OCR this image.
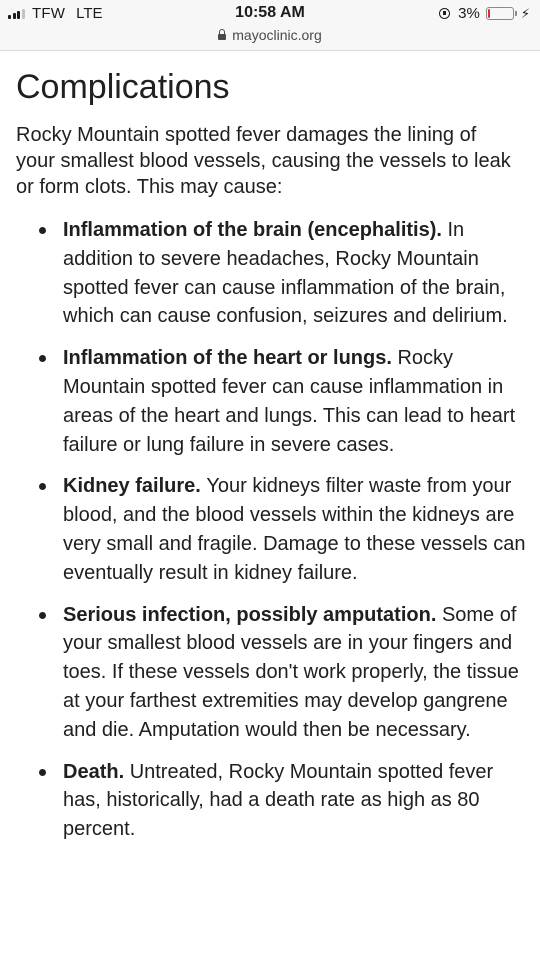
TFW LTE	10:58 AM
mayoclinic.org
3%	⚡︎
Complications

Rocky Mountain spotted fever damages the lining of your smallest blood vessels, causing the vessels to leak or form clots. This may cause:

Inflammation of the brain (encephalitis). In addition to severe headaches, Rocky Mountain spotted fever can cause inflammation of the brain, which can cause confusion, seizures and delirium.
Inflammation of the heart or lungs. Rocky Mountain spotted fever can cause inflammation in areas of the heart and lungs. This can lead to heart failure or lung failure in severe cases.
Kidney failure. Your kidneys filter waste from your blood, and the blood vessels within the kidneys are very small and fragile. Damage to these vessels can eventually result in kidney failure.
Serious infection, possibly amputation. Some of your smallest blood vessels are in your fingers and toes. If these vessels don't work properly, the tissue at your farthest extremities may develop gangrene and die. Amputation would then be necessary.
Death. Untreated, Rocky Mountain spotted fever has, historically, had a death rate as high as 80 percent.
